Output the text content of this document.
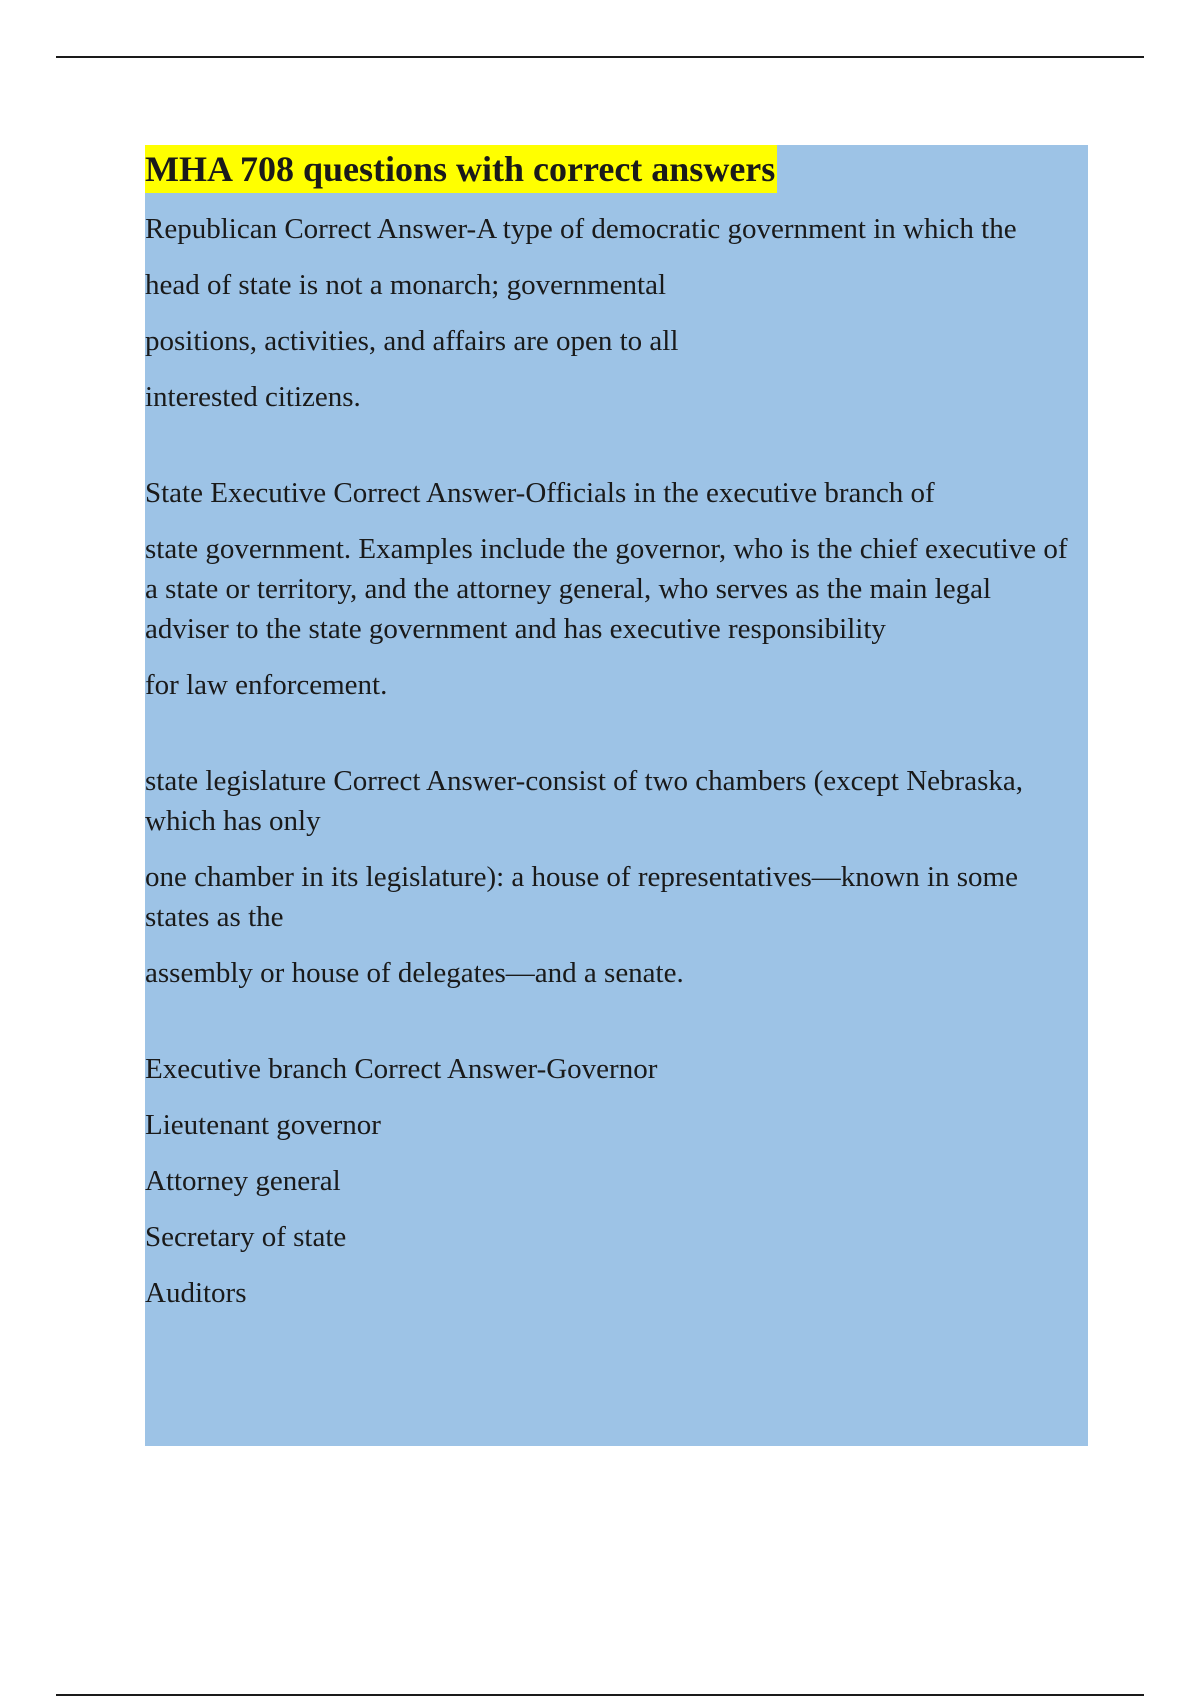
MHA 708 questions with correct answers

Republican Correct Answer-A type of democratic government in which the

head of state is not a monarch; governmental

positions, activities, and affairs are open to all

interested citizens.

State Executive Correct Answer-Officials in the executive branch of

state government. Examples include the governor, who is the chief executive of a state or territory, and the attorney general, who serves as the main legal adviser to the state government and has executive responsibility

for law enforcement.

state legislature Correct Answer-consist of two chambers (except Nebraska, which has only

one chamber in its legislature): a house of representatives—known in some states as the

assembly or house of delegates—and a senate.

Executive branch Correct Answer-Governor

Lieutenant governor

Attorney general

Secretary of state

Auditors
